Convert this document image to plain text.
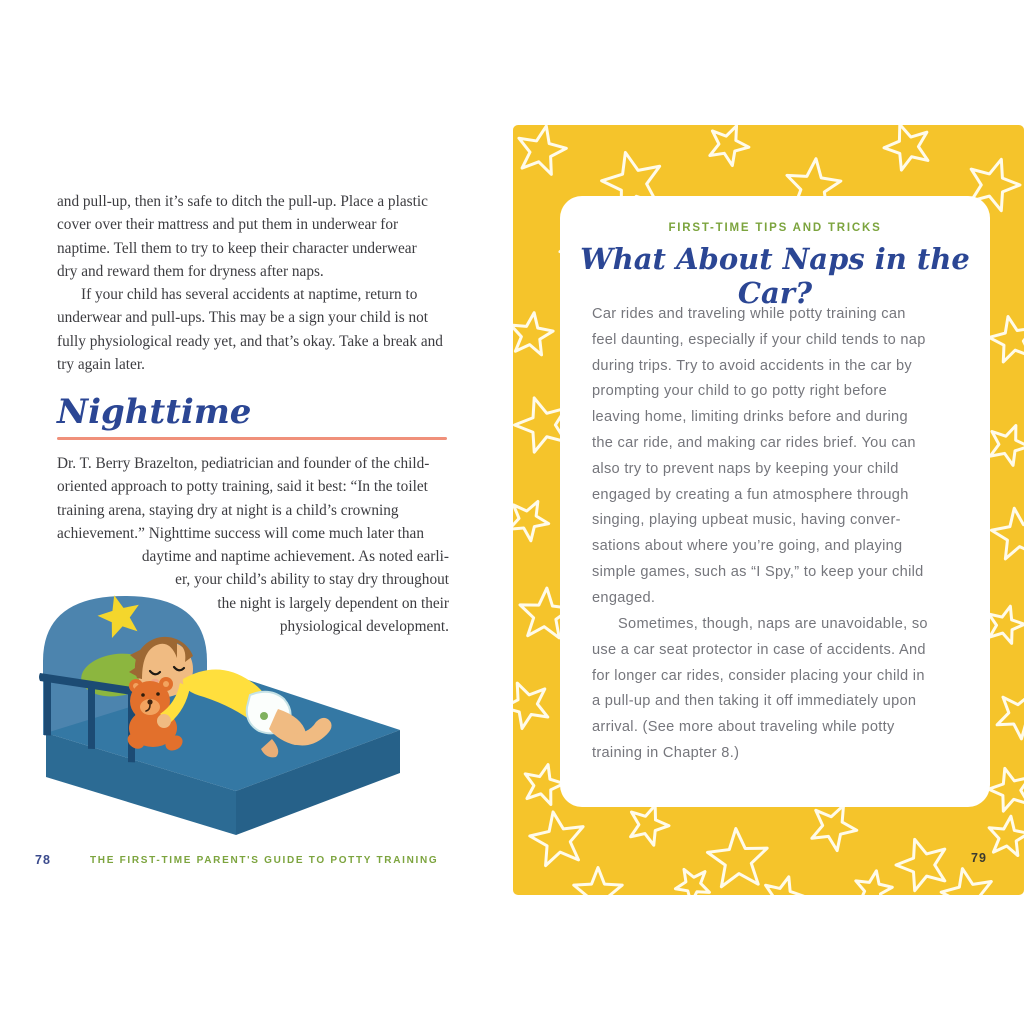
and pull-up, then it’s safe to ditch the pull-up. Place a plastic
cover over their mattress and put them in underwear for
naptime. Tell them to try to keep their character underwear
dry and reward them for dryness after naps.
If your child has several accidents at naptime, return to
underwear and pull-ups. This may be a sign your child is not
fully physiological ready yet, and that’s okay. Take a break and
try again later.
Nighttime
Dr. T. Berry Brazelton, pediatrician and founder of the child-
oriented approach to potty training, said it best: “In the toilet
training arena, staying dry at night is a child’s crowning
achievement.” Nighttime success will come much later than
daytime and naptime achievement. As noted earli-
er, your child’s ability to stay dry throughout
the night is largely dependent on their
physiological development.
78	THE FIRST-TIME PARENT'S GUIDE TO POTTY TRAINING
FIRST-TIME TIPS AND TRICKS
What About Naps in the Car?
Car rides and traveling while potty training can
feel daunting, especially if your child tends to nap
during trips. Try to avoid accidents in the car by
prompting your child to go potty right before
leaving home, limiting drinks before and during
the car ride, and making car rides brief. You can
also try to prevent naps by keeping your child
engaged by creating a fun atmosphere through
singing, playing upbeat music, having conver-
sations about where you’re going, and playing
simple games, such as “I Spy,” to keep your child
engaged.
Sometimes, though, naps are unavoidable, so
use a car seat protector in case of accidents. And
for longer car rides, consider placing your child in
a pull-up and then taking it off immediately upon
arrival. (See more about traveling while potty
training in Chapter 8.)
79
